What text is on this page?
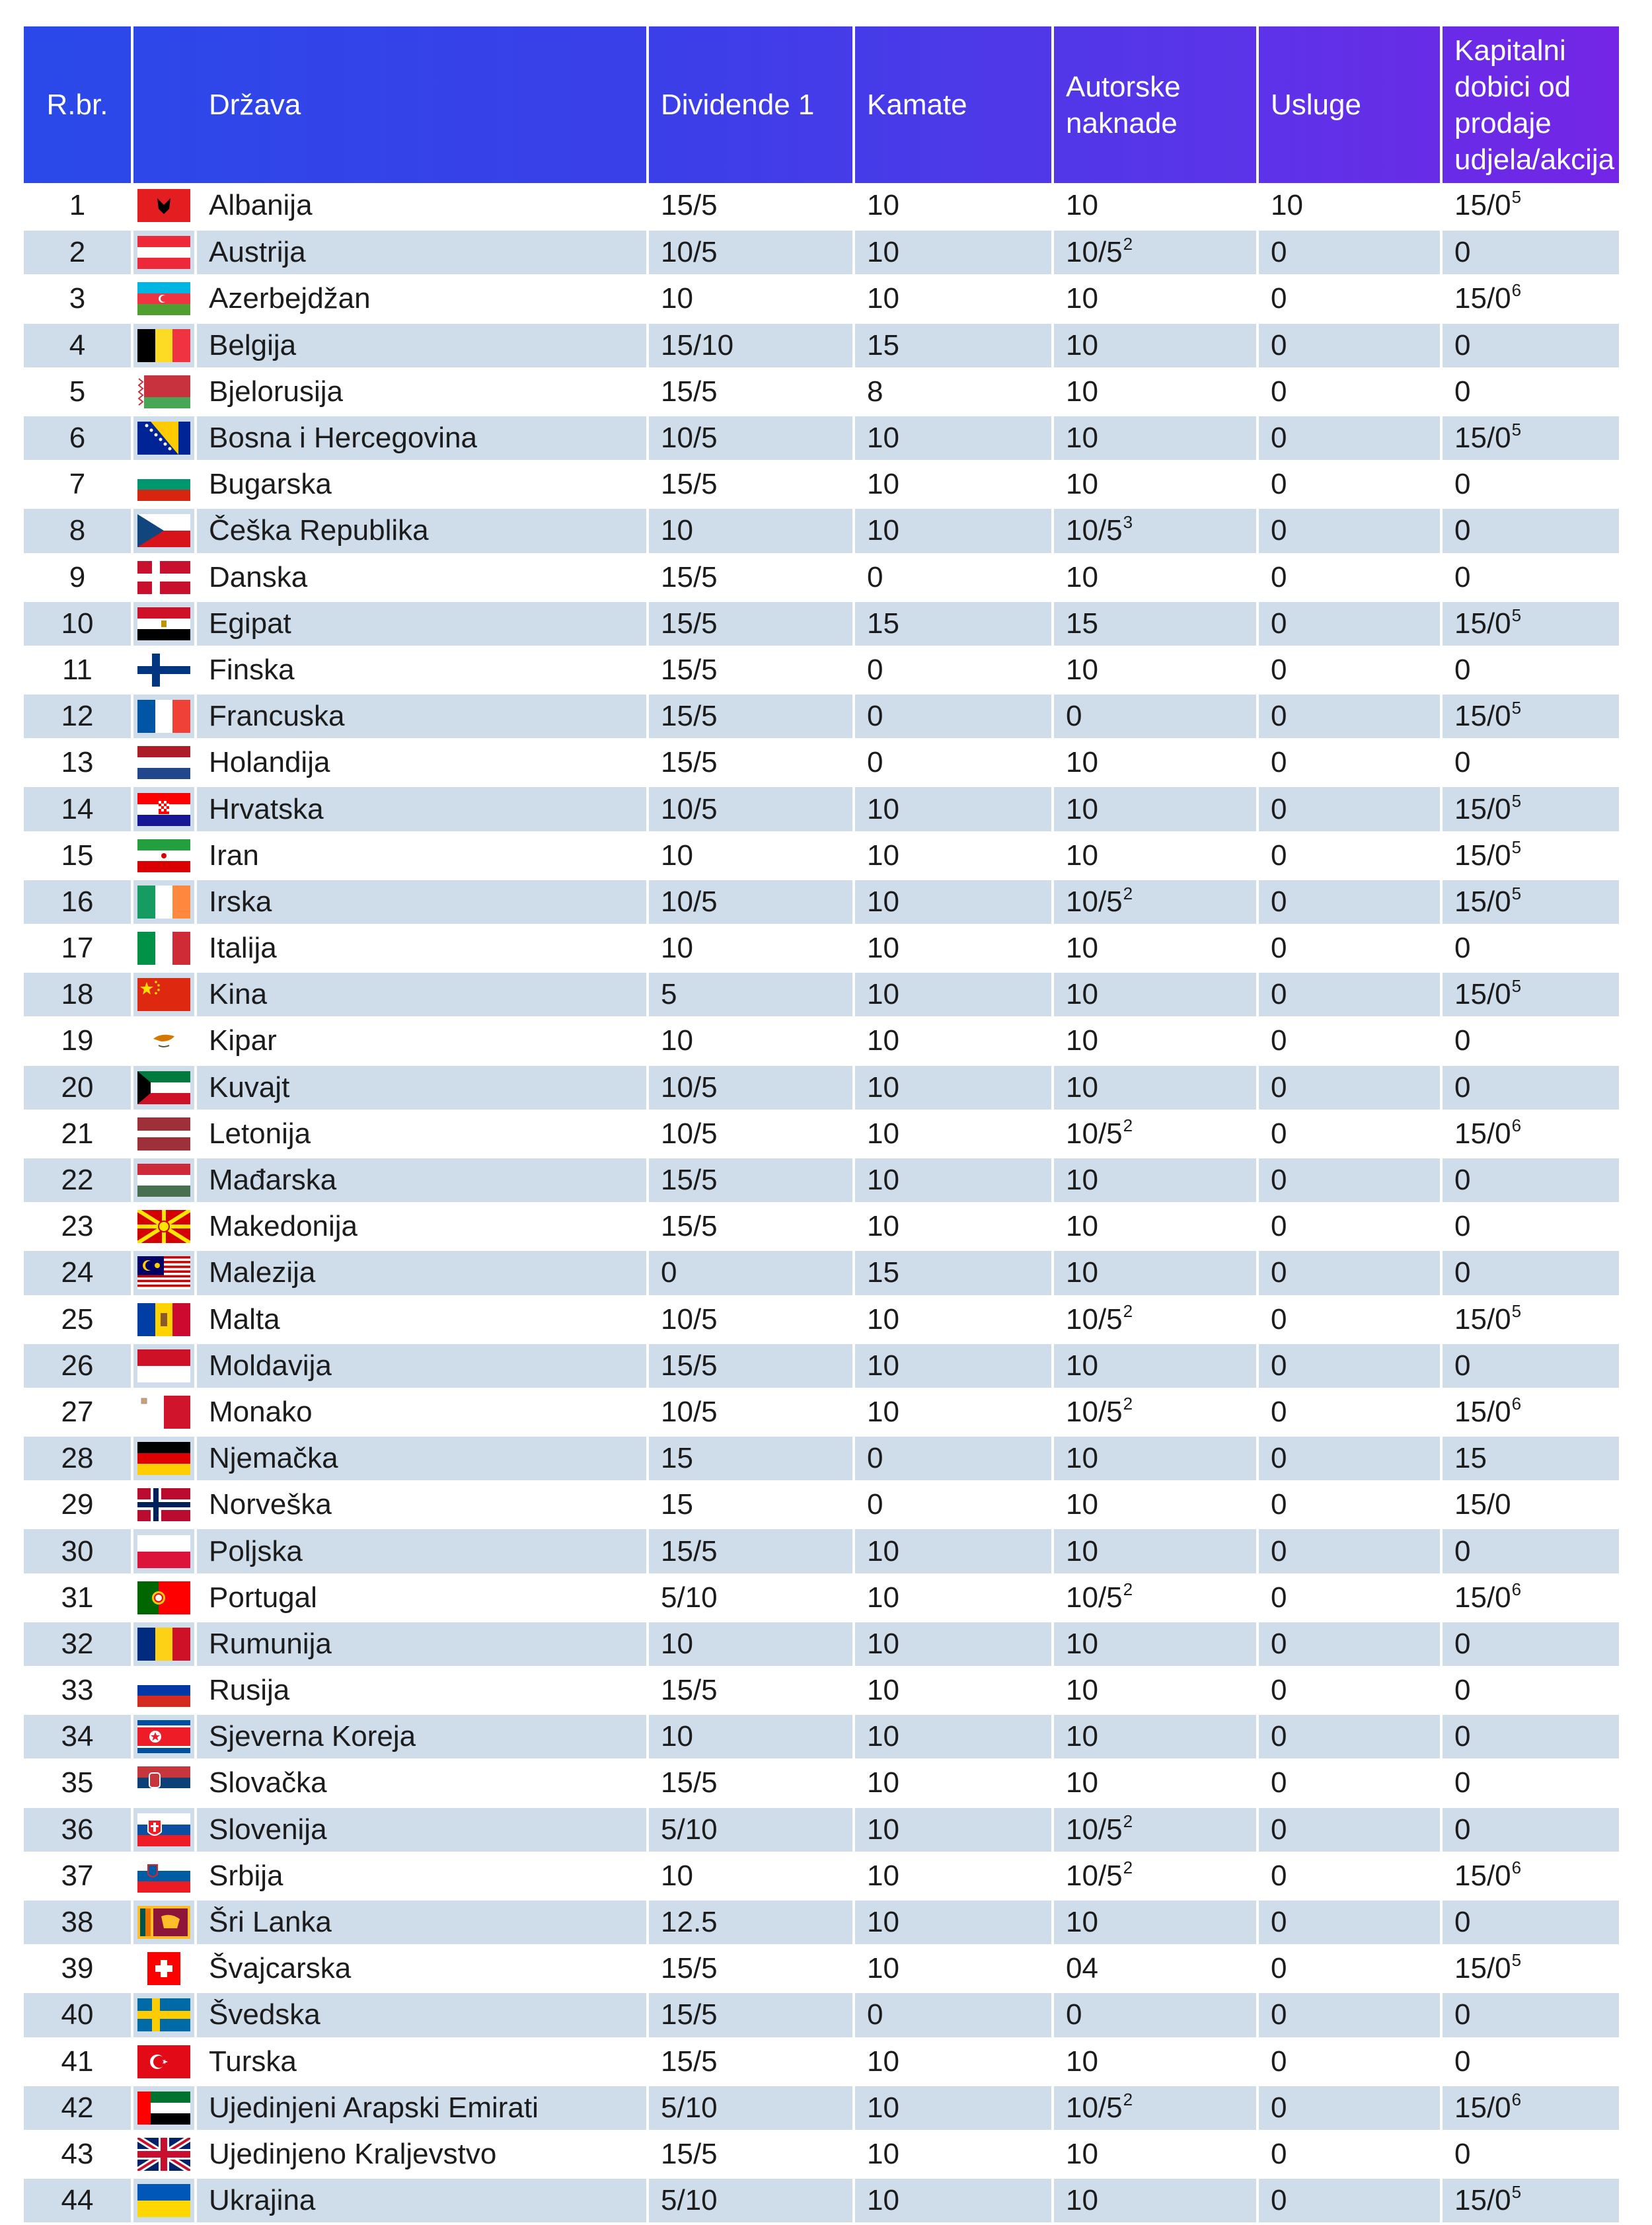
R.br.	Država		Dividende 1	Kamate	Autorske naknade	Usluge	Kapitalni dobici od prodaje udjela/akcija
1		Albanija	15/5	10	10	10	$15/0^5$
2		Austrija	10/5	10	$10/5^2$	0	0
3		Azerbejdžan	10	10	10	0	$15/0^6$
4		Belgija	15/10	15	10	0	0
5		Bjelorusija	15/5	8	10	0	0
6		Bosna i Hercegovina	10/5	10	10	0	$15/0^5$
7		Bugarska	15/5	10	10	0	0
8		Češka Republika	10	10	$10/5^3$	0	0
9		Danska	15/5	0	10	0	0
10		Egipat	15/5	15	15	0	$15/0^5$
11		Finska	15/5	0	10	0	0
12		Francuska	15/5	0	0	0	$15/0^5$
13		Holandija	15/5	0	10	0	0
14		Hrvatska	10/5	10	10	0	$15/0^5$
15		Iran	10	10	10	0	$15/0^5$
16		Irska	10/5	10	$10/5^2$	0	$15/0^5$
17		Italija	10	10	10	0	0
18		Kina	5	10	10	0	$15/0^5$
19		Kipar	10	10	10	0	0
20		Kuvajt	10/5	10	10	0	0
21		Letonija	10/5	10	$10/5^2$	0	$15/0^6$
22		Mađarska	15/5	10	10	0	0
23		Makedonija	15/5	10	10	0	0
24		Malezija	0	15	10	0	0
25		Malta	10/5	10	$10/5^2$	0	$15/0^5$
26		Moldavija	15/5	10	10	0	0
27		Monako	10/5	10	$10/5^2$	0	$15/0^6$
28		Njemačka	15	0	10	0	15
29		Norveška	15	0	10	0	15/0
30		Poljska	15/5	10	10	0	0
31		Portugal	5/10	10	$10/5^2$	0	$15/0^6$
32		Rumunija	10	10	10	0	0
33		Rusija	15/5	10	10	0	0
34		Sjeverna Koreja	10	10	10	0	0
35		Slovačka	15/5	10	10	0	0
36		Slovenija	5/10	10	$10/5^2$	0	0
37		Srbija	10	10	$10/5^2$	0	$15/0^6$
38		Šri Lanka	12.5	10	10	0	0
39		Švajcarska	15/5	10	04	0	$15/0^5$
40		Švedska	15/5	0	0	0	0
41		Turska	15/5	10	10	0	0
42		Ujedinjeni Arapski Emirati	5/10	10	$10/5^2$	0	$15/0^6$
43		Ujedinjeno Kraljevstvo	15/5	10	10	0	0
44		Ukrajina	5/10	10	10	0	$15/0^5$
